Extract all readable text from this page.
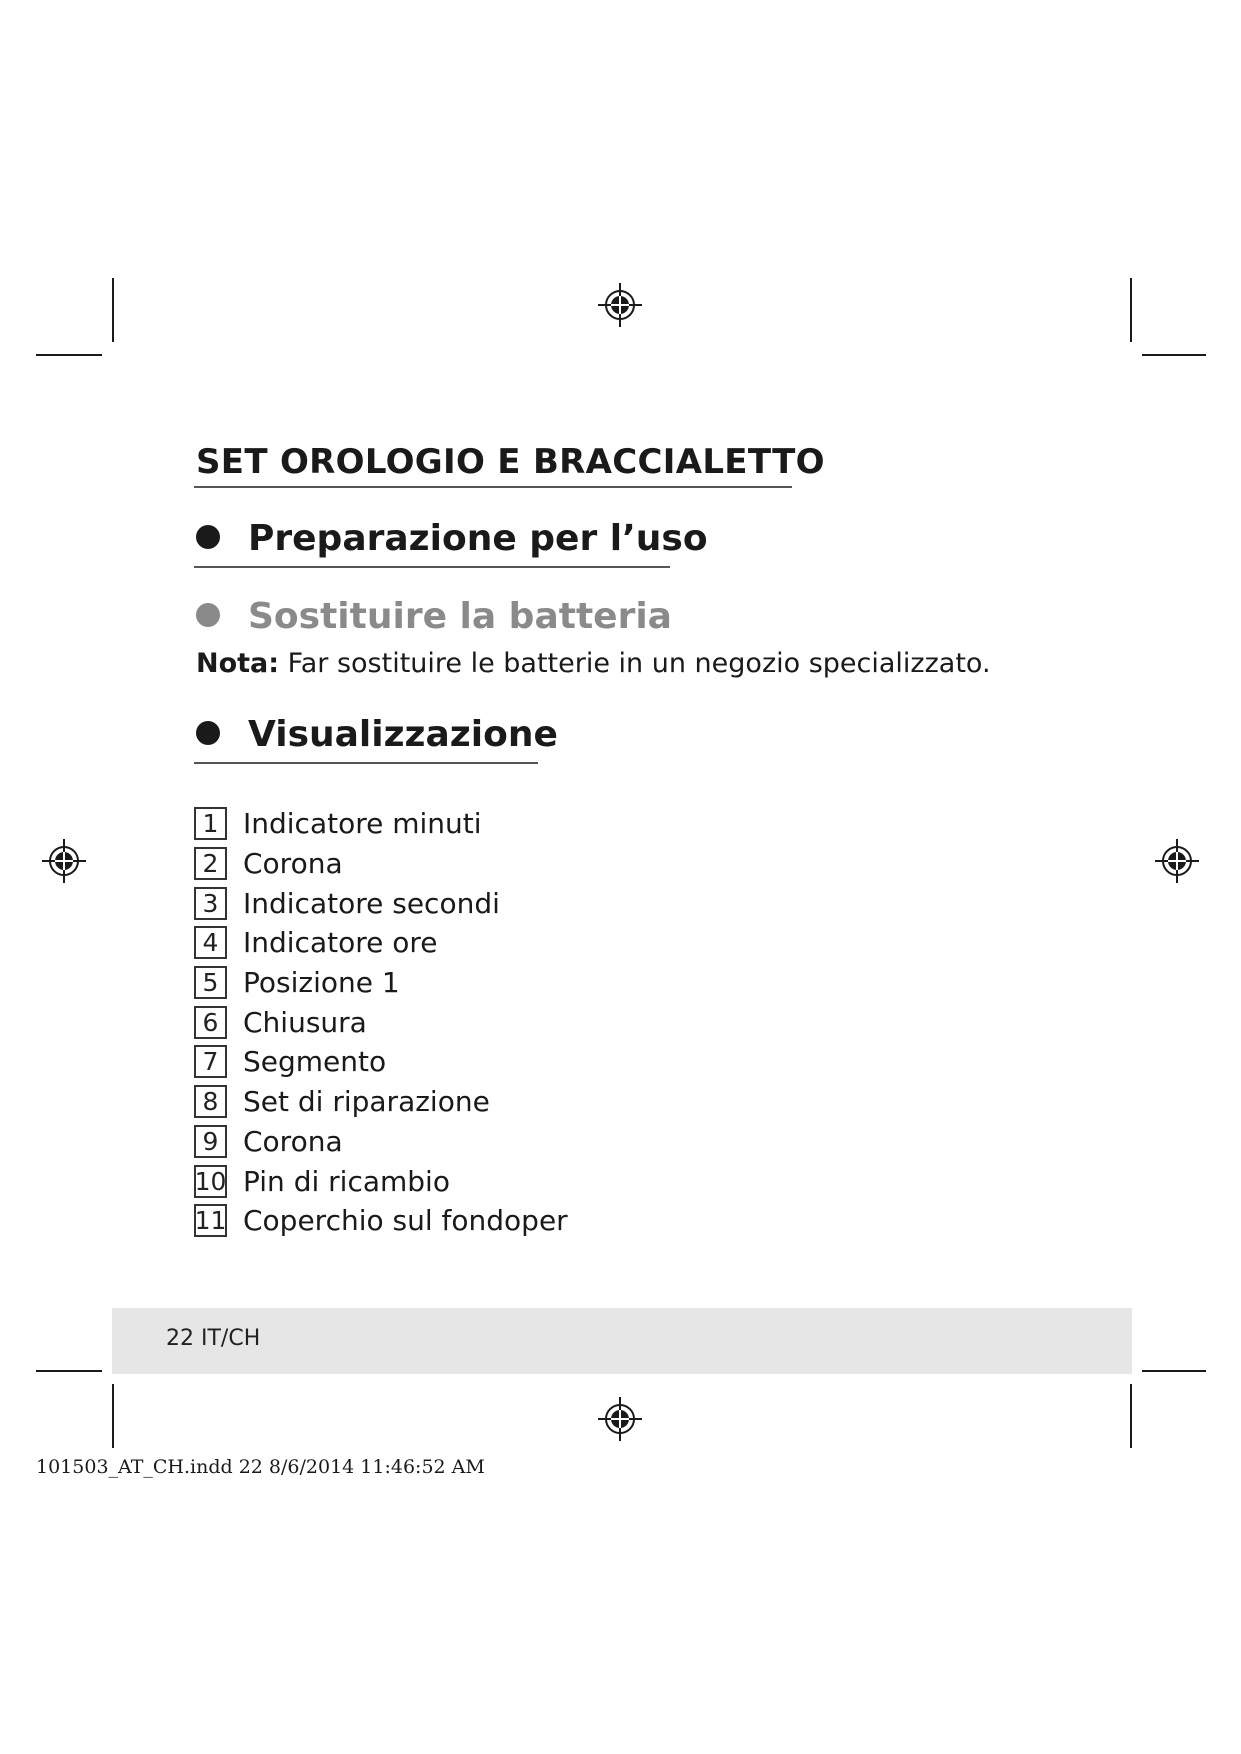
SET OROLOGIO E BRACCIALETTO
Preparazione per l’uso
Sostituire la batteria
Nota: Far sostituire le batterie in un negozio specializzato.
Visualizzazione
1 Indicatore minuti
2 Corona
3 Indicatore secondi
4 Indicatore ore
5 Posizione 1
6 Chiusura
7 Segmento
8 Set di riparazione
9 Corona
10 Pin di ricambio
11 Coperchio sul fondoper
22 IT/CH
101503_AT_CH.indd 22 8/6/2014 11:46:52 AM
